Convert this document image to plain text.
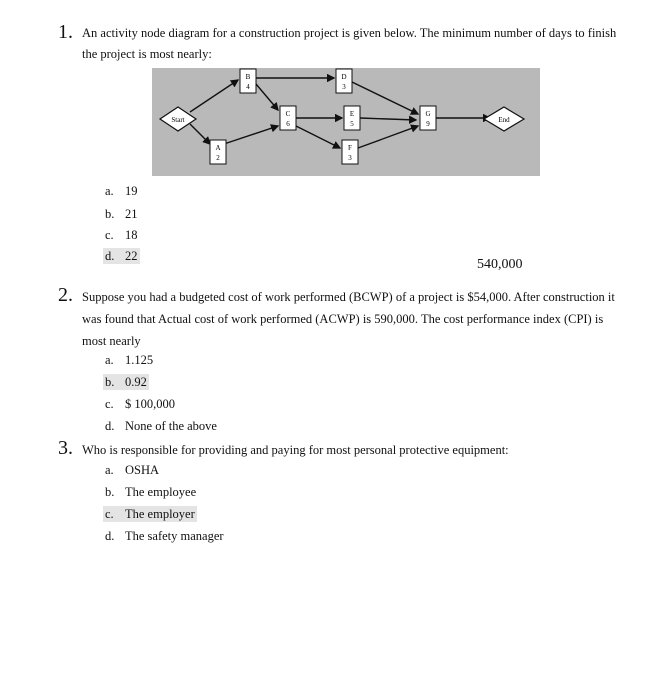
1. An activity node diagram for a construction project is given below. The minimum number of days to finish
the project is most nearly:
Start	End
B
4
A
2
C
6
D
3
E
5
F
3
G
9
a. 19
b. 21
c. 18
d. 22
540,000
2. Suppose you had a budgeted cost of work performed (BCWP) of a project is $54,000. After construction it
was found that Actual cost of work performed (ACWP) is 590,000. The cost performance index (CPI) is
most nearly
a. 1.125
b. 0.92
c. $ 100,000
d. None of the above
3. Who is responsible for providing and paying for most personal protective equipment:
a. OSHA
b. The employee
c. The employer
d. The safety manager
